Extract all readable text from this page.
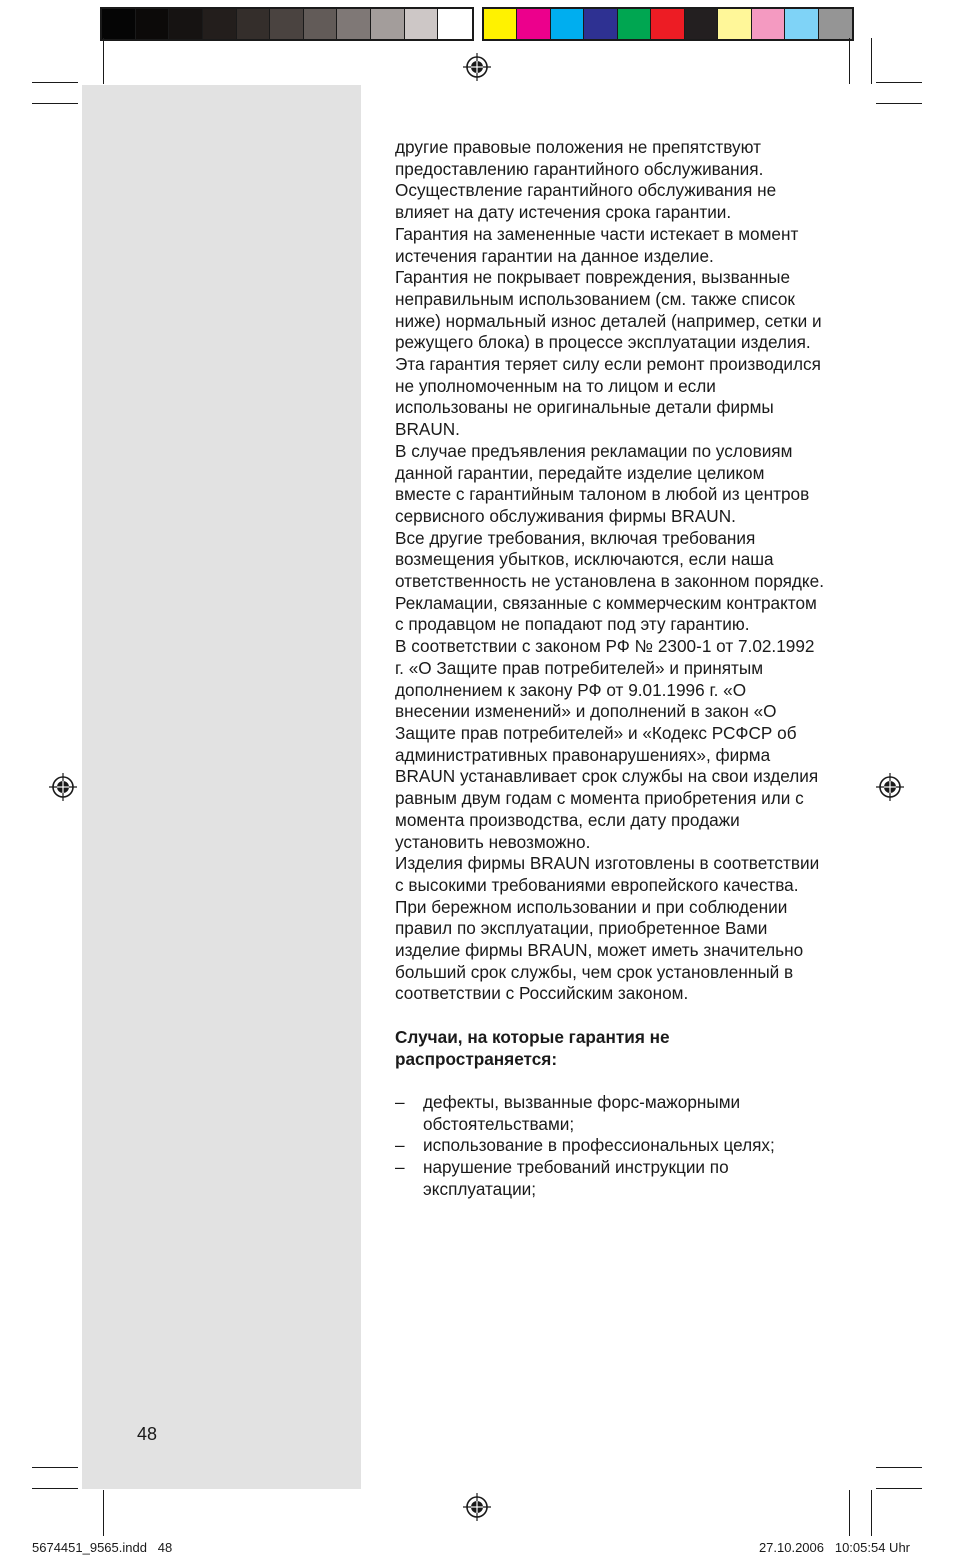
другие правовые положения не препятствуют предоставлению гарантийного обслуживания.

Осуществление гарантийного обслуживания не влияет на дату истечения срока гарантии.

Гарантия на замененные части истекает в момент истечения гарантии на данное изделие.

Гарантия не покрывает повреждения, вызванные неправильным использованием (см. также список ниже) нормальный износ деталей (например, сетки и режущего блока) в процессе эксплуатации изделия.

Эта гарантия теряет силу если ремонт производился не уполномоченным на то лицом и если использованы не оригинальные детали фирмы BRAUN.

В случае предъявления рекламации по условиям данной гарантии, передайте изделие целиком вместе с гарантийным талоном в любой из центров сервисного обслуживания фирмы BRAUN.

Все другие требования, включая требования возмещения убытков, исключаются, если наша ответственность не установлена в законном порядке.

Рекламации, связанные с коммерческим контрактом с продавцом не попадают под эту гарантию.

В соответствии с законом РФ № 2300-1 от 7.02.1992 г. «О Защите прав потребителей» и принятым дополнением к закону РФ от 9.01.1996 г. «О внесении изменений» и дополнений в закон «О Защите прав потребителей» и «Кодекс РСФСР об административных правонарушениях», фирма BRAUN устанавливает срок службы на свои изделия равным двум годам с момента приобретения или с момента производства, если дату продажи установить невозможно.

Изделия фирмы BRAUN изготовлены в соответствии с высокими требованиями европейского качества. При бережном использовании и при соблюдении правил по эксплуатации, приобретенное Вами изделие фирмы BRAUN, может иметь значительно больший срок службы, чем срок установленный в соответствии с Российским законом.

Случаи, на которые гарантия не распространяется:

– дефекты, вызванные форс-мажорными обстоятельствами;
– использование в профессиональных целях;
– нарушение требований инструкции по эксплуатации;
48
5674451_9565.indd   48	27.10.2006   10:05:54 Uhr
